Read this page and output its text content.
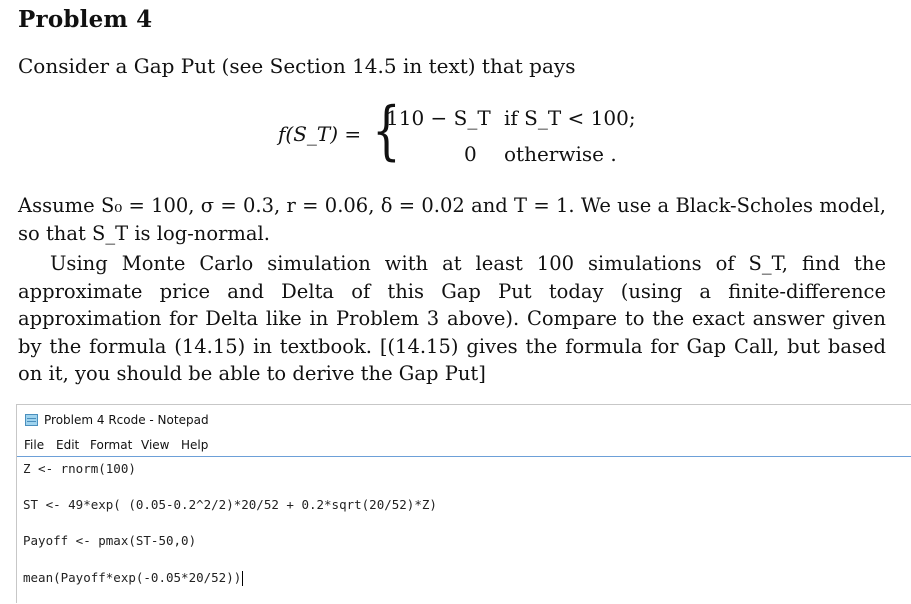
Problem 4
Consider a Gap Put (see Section 14.5 in text) that pays
f(S_T) = {
110 − S_T if S_T < 100;
0 otherwise .
Assume S₀ = 100, σ = 0.3, r = 0.06, δ = 0.02 and T = 1. We use a Black-Scholes model, so that S_T is log-normal.
Using Monte Carlo simulation with at least 100 simulations of S_T, find the approximate price and Delta of this Gap Put today (using a finite-difference approximation for Delta like in Problem 3 above). Compare to the exact answer given by the formula (14.15) in textbook. [(14.15) gives the formula for Gap Call, but based on it, you should be able to derive the Gap Put]
Problem 4 Rcode - Notepad
File Edit Format View Help
Z <- rnorm(100)
ST <- 49*exp( (0.05-0.2^2/2)*20/52 + 0.2*sqrt(20/52)*Z)
Payoff <- pmax(ST-50,0)
mean(Payoff*exp(-0.05*20/52))
